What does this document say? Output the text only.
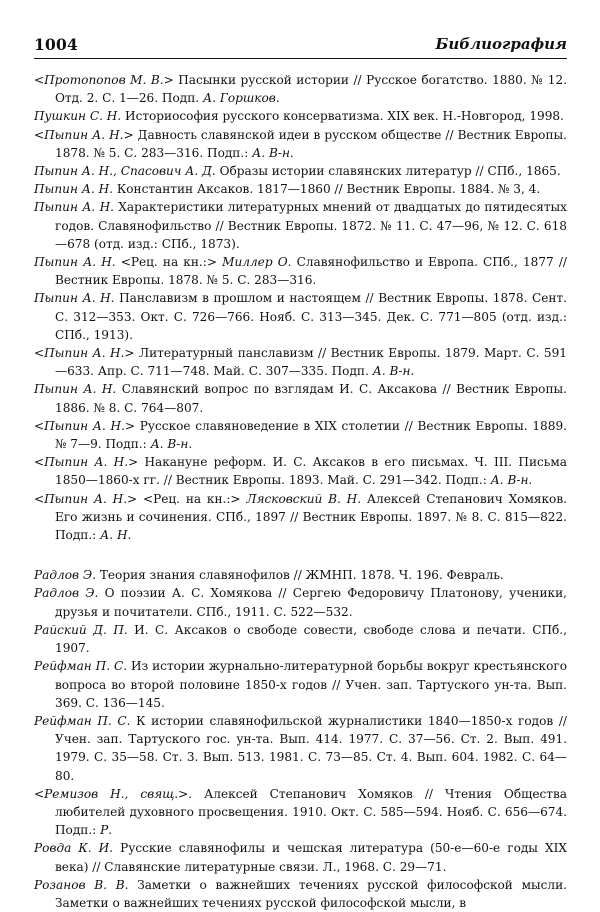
1004	Библиография
<Протопопов М. В.> Пасынки русской истории // Русское богатство. 1880. № 12. Отд. 2. С. 1—26. Подп. А. Горшков.
Пушкин С. Н. Историософия русского консерватизма. XIX век. Н.-Новгород, 1998.
<Пыпин А. Н.> Давность славянской идеи в русском обществе // Вестник Европы. 1878. № 5. С. 283—316. Подп.: А. В-н.
Пыпин А. Н., Спасович А. Д. Образы истории славянских литератур // СПб., 1865.
Пыпин А. Н. Константин Аксаков. 1817—1860 // Вестник Европы. 1884. № 3, 4.
Пыпин А. Н. Характеристики литературных мнений от двадцатых до пятидесятых годов. Славянофильство // Вестник Европы. 1872. № 11. С. 47—96, № 12. С. 618—678 (отд. изд.: СПб., 1873).
Пыпин А. Н. <Рец. на кн.:> Миллер О. Славянофильство и Европа. СПб., 1877 // Вестник Европы. 1878. № 5. С. 283—316.
Пыпин А. Н. Панславизм в прошлом и настоящем // Вестник Европы. 1878. Сент. С. 312—353. Окт. С. 726—766. Нояб. С. 313—345. Дек. С. 771—805 (отд. изд.: СПб., 1913).
<Пыпин А. Н.> Литературный панславизм // Вестник Европы. 1879. Март. С. 591—633. Апр. С. 711—748. Май. С. 307—335. Подп. А. В-н.
Пыпин А. Н. Славянский вопрос по взглядам И. С. Аксакова // Вестник Европы. 1886. № 8. С. 764—807.
<Пыпин А. Н.> Русское славяноведение в XIX столетии // Вестник Европы. 1889. № 7—9. Подп.: А. В-н.
<Пыпин А. Н.> Накануне реформ. И. С. Аксаков в его письмах. Ч. III. Письма 1850—1860-х гг. // Вестник Европы. 1893. Май. С. 291—342. Подп.: А. В-н.
<Пыпин А. Н.> <Рец. на кн.:> Лясковский В. Н. Алексей Степанович Хомяков. Его жизнь и сочинения. СПб., 1897 // Вестник Европы. 1897. № 8. С. 815—822. Подп.: А. Н.
Радлов Э. Теория знания славянофилов // ЖМНП. 1878. Ч. 196. Февраль.
Радлов Э. О поэзии А. С. Хомякова // Сергею Федоровичу Платонову, ученики, друзья и почитатели. СПб., 1911. С. 522—532.
Райский Д. П. И. С. Аксаков о свободе совести, свободе слова и печати. СПб., 1907.
Рейфман П. С. Из истории журнально-литературной борьбы вокруг крестьянского вопроса во второй половине 1850-х годов // Учен. зап. Тартуского ун-та. Вып. 369. С. 136—145.
Рейфман П. С. К истории славянофильской журналистики 1840—1850-х годов // Учен. зап. Тартуского гос. ун-та. Вып. 414. 1977. С. 37—56. Ст. 2. Вып. 491. 1979. С. 35—58. Ст. 3. Вып. 513. 1981. С. 73—85. Ст. 4. Вып. 604. 1982. С. 64—80.
<Ремизов Н., свящ.>. Алексей Степанович Хомяков // Чтения Общества любителей духовного просвещения. 1910. Окт. С. 585—594. Нояб. С. 656—674. Подп.: Р.
Ровда К. И. Русские славянофилы и чешская литература (50-е—60-е годы XIX века) // Славянские литературные связи. Л., 1968. С. 29—71.
Розанов В. В. Заметки о важнейших течениях русской философской мысли. Заметки о важнейших течениях русской философской мысли, в
